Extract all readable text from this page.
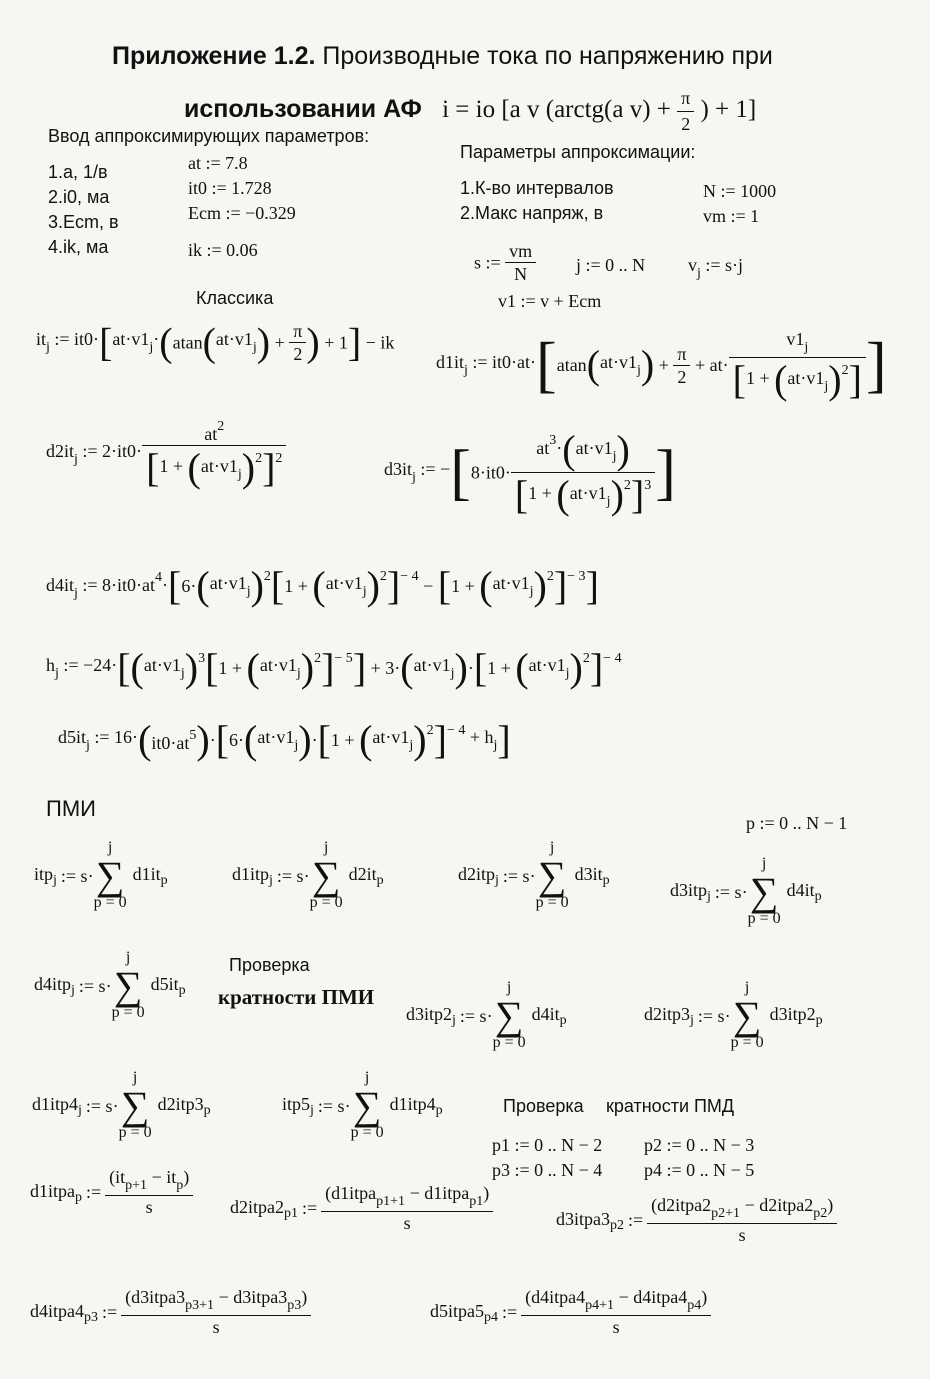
Приложение 1.2. Производные тока по напряжению при
использовании АФ i = io [a v (arctg(a $v) + \frac{\pi}{2}$ ) + 1]
Ввод аппроксимирующих параметров:
1.a, 1/в
2.i0, ма
3.Ecm, в
4.ik, ма
at := 7.8
it0 := 1.728
Ecm := −0.329
ik := 0.06
Параметры аппроксимации:
1.К-во интервалов
2.Макс напряж, в
N := 1000
vm := 1
s := $\frac{vm}{N}$ j := 0 .. N $v_j$ := s·j
v1 := v + Ecm
Классика
$it_j$ := $it0\cdot[at\cdot v1_j\cdot(atan(at\cdot v1_j) + \frac{\pi}{2}$ ) + 1] − ik
$d1it_j$ := $it0\cdot at\cdot[atan(at\cdot v1_j) + \frac{\pi}{2} + at\cdot \frac{v1_j}{[1 + (at\cdot v1_j)^2]}$ ]
$d2it_j$ := $2\cdot it0\cdot \frac{at^2}{[1 + (at\cdot v1_j)^2]^2}$	$d3it_j$ := $-[8\cdot it0\cdot \frac{at^3\cdot(at\cdot v1_j)}{[1 + (at\cdot v1_j)^2]^3}$ ]
$d4it_j$ := $8\cdot it0\cdot at^4\cdot[6\cdot(at\cdot v1_j)^2[1 + (at\cdot v1_j)^2]^{- 4} - [1 + (at\cdot v1_j)^2]^{- 3}]$
$h_j$ := $-24\cdot[(at\cdot v1_j)^3[1 + (at\cdot v1_j)^2]^{- 5}] + 3\cdot(at\cdot v1_j)\cdot[1 + (at\cdot v1_j)^2]^{- 4}$
$d5it_j$ := $16\cdot(it0\cdot at^5)\cdot[6\cdot(at\cdot v1_j)\cdot[1 + (at\cdot v1_j)^2]^{- 4} + h_j]$
ПМИ
p := 0 .. N − 1
itp$_j$ := s·
j
∑
p = 0
$d1it_p$	d1itp$_j$ := s·
j
∑
p = 0
$d2it_p$	d2itp$_j$ := s·
j
∑
p = 0
$d3it_p$	d3itp$_j$ := s·
j
∑
p = 0
$d4it_p$
d4itp$_j$ := s·
j
∑
p = 0
$d5it_p$
$d3itp2_j$ := s·
j
∑
p = 0
$d4it_p$	$d2itp3_j$ := s·
j
∑
p = 0
$d3itp2_p$
$d1itp4_j$ := s·
j
∑
p = 0
$d2itp3_p$	$itp5_j$ := s·
j
∑
p = 0
$d1itp4_p$
Проверка
кратности ПМИ
Проверка кратности ПМД
p1 := 0 .. N − 2 p2 := 0 .. N − 3
p3 := 0 .. N − 4 p4 := 0 .. N − 5
d1itpa$_p$ := $\frac{(it_{p+1} - it_p)}{s}$ $d2itpa2_{p1}$ := $\frac{(d1itpa_{p1+1} - d1itpa_{p1})}{s}$	$d3itpa3_{p2}$ := $\frac{(d2itpa2_{p2+1} - d2itpa2_{p2})}{s}$
$d4itpa4_{p3}$ := $\frac{(d3itpa3_{p3+1} - d3itpa3_{p3})}{s}$	$d5itpa5_{p4}$ := $\frac{(d4itpa4_{p4+1} - d4itpa4_{p4})}{s}$
